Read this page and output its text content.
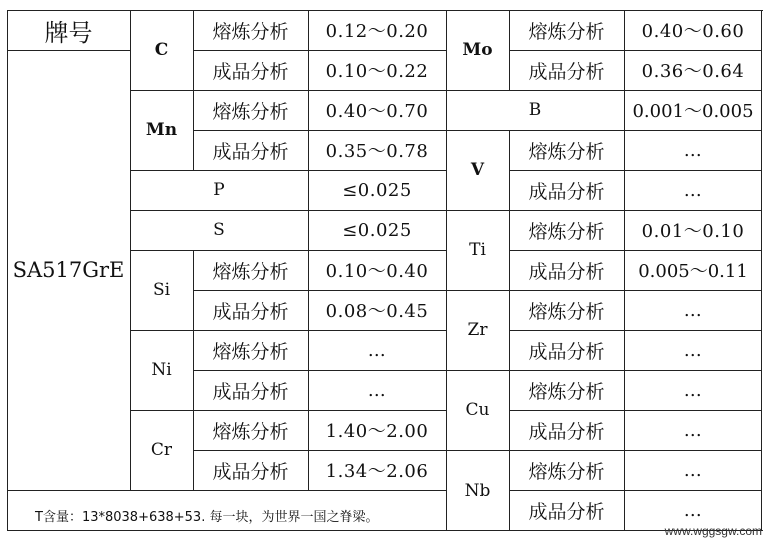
牌号
SA517GrE
C
熔炼分析	0.12～0.20
成品分析	0.10～0.22
Mn
熔炼分析	0.40～0.70
成品分析	0.35～0.78
P	≤0.025
S	≤0.025
Si
熔炼分析	0.10～0.40
成品分析	0.08～0.45
Ni
熔炼分析	…
成品分析	…
Cr
熔炼分析	1.40～2.00
成品分析	1.34～2.06
T含量：13*8038+638+53. 每一块，为世界一国之脊梁。
Mo
熔炼分析	0.40～0.60
成品分析	0.36～0.64
B	0.001～0.005
V
熔炼分析	…
成品分析	…
Ti
熔炼分析	0.01～0.10
成品分析	0.005～0.11
Zr
熔炼分析	…
成品分析	…
Cu
熔炼分析	…
成品分析	…
Nb
熔炼分析	…
成品分析	…
www.wggsgw.com
